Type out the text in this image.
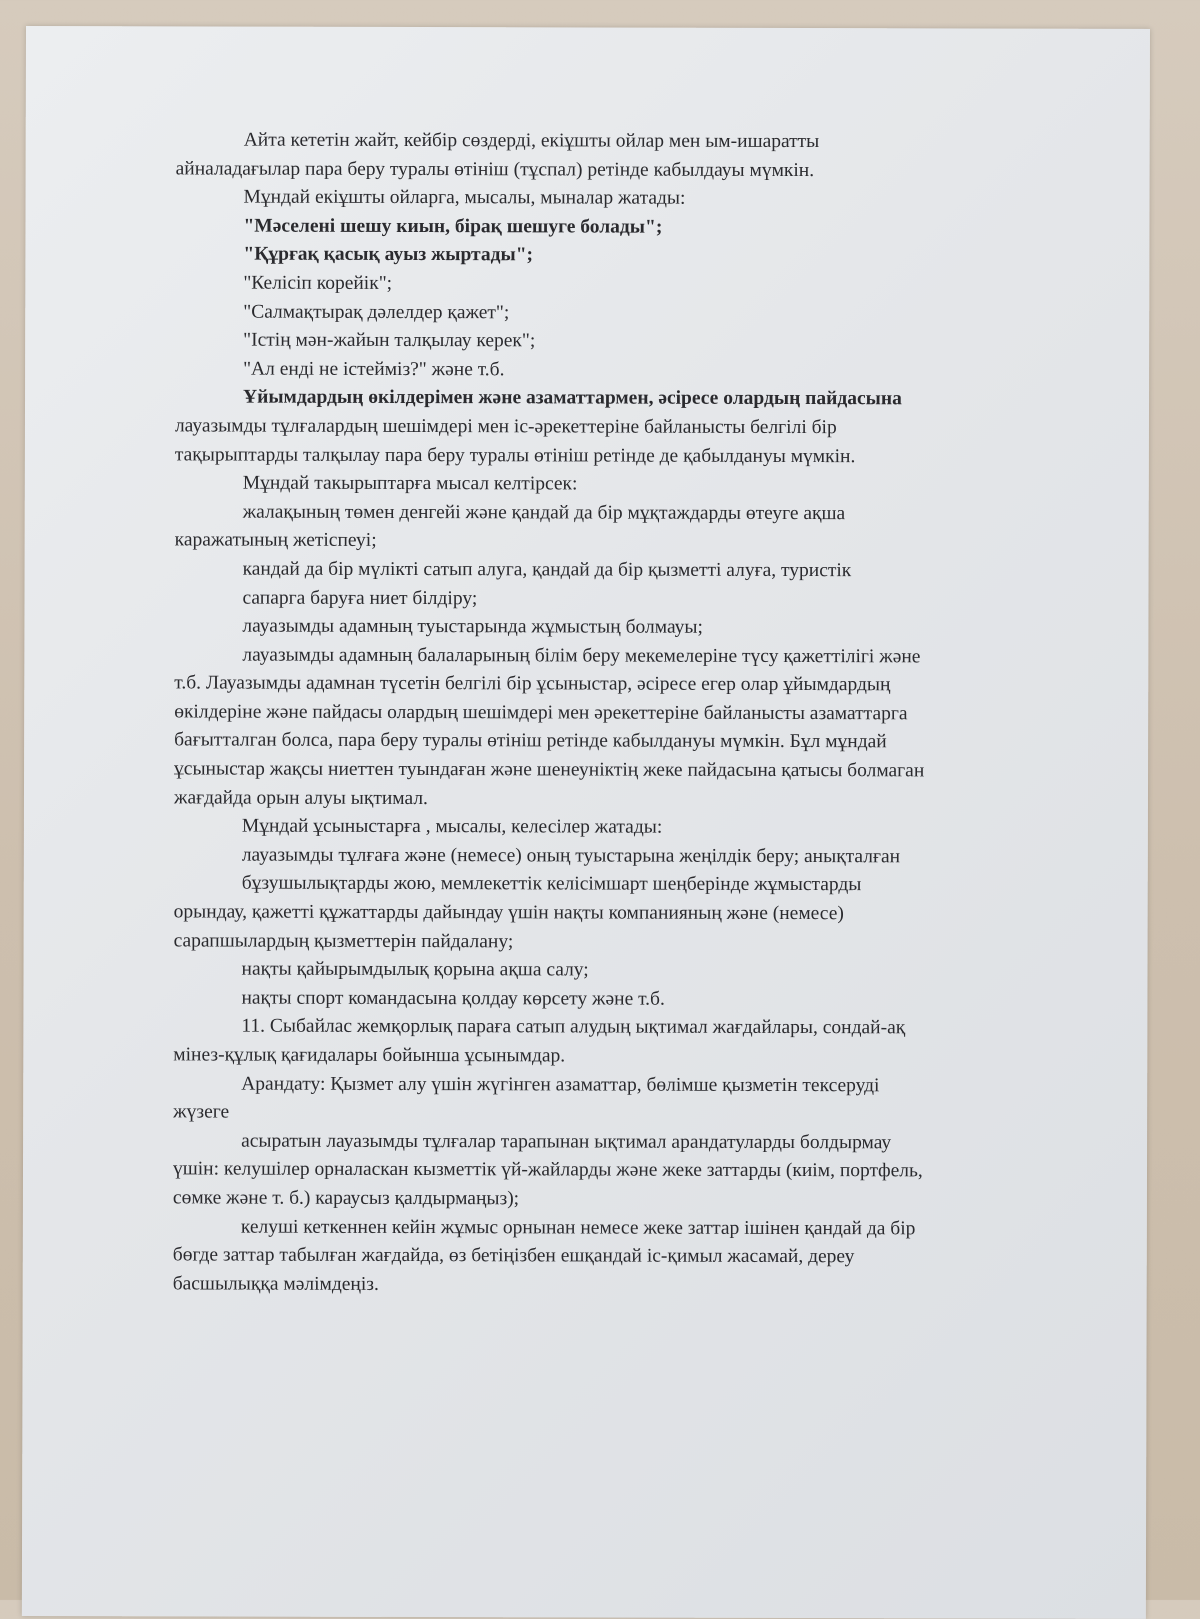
Айта кететін жайт, кейбір сөздерді, екіұшты ойлар мен ым-ишаратты
айналадағылар пара беру туралы өтініш (тұспал) ретінде кабылдауы мүмкін.
Мұндай екіұшты ойларга, мысалы, мыналар жатады:
"Мәселені шешу киын, бірақ шешуге болады";
"Құрғақ қасық ауыз жыртады";
"Келісіп корейік";
"Салмақтырақ дәлелдер қажет";
"Істің мән-жайын талқылау керек";
"Ал енді не істейміз?" және т.б.
Ұйымдардың өкілдерімен және азаматтармен, әсіресе олардың пайдасына
лауазымды тұлғалардың шешімдері мен іс-әрекеттеріне байланысты белгілі бір
тақырыптарды талқылау пара беру туралы өтініш ретінде де қабылдануы мүмкін.
Мұндай такырыптарға мысал келтірсек:
жалақының төмен денгейі және қандай да бір мұқтаждарды өтеуге ақша
каражатының жетіспеуі;
кандай да бір мүлікті сатып алуга, қандай да бір қызметті алуға, туристік
сапарга баруға ниет білдіру;
лауазымды адамның туыстарында жұмыстың болмауы;
лауазымды адамның балаларының білім беру мекемелеріне түсу қажеттілігі және
т.б. Лауазымды адамнан түсетін белгілі бір ұсыныстар, әсіресе егер олар ұйымдардың
өкілдеріне және пайдасы олардың шешімдері мен әрекеттеріне байланысты азаматтарга
бағытталган болса, пара беру туралы өтініш ретінде кабылдануы мүмкін. Бұл мұндай
ұсыныстар жақсы ниеттен туындаған және шенеуніктің жеке пайдасына қатысы болмаган
жағдайда орын алуы ықтимал.
Мұндай ұсыныстарға , мысалы, келесілер жатады:
лауазымды тұлғаға және (немесе) оның туыстарына жеңілдік беру; анықталған
бұзушылықтарды жою, мемлекеттік келісімшарт шеңберінде жұмыстарды
орындау, қажетті құжаттарды дайындау үшін нақты компанияның және (немесе)
сарапшылардың қызметтерін пайдалану;
нақты қайырымдылық қорына ақша салу;
нақты спорт командасына қолдау көрсету және т.б.
11. Сыбайлас жемқорлық параға сатып алудың ықтимал жағдайлары, сондай-ақ
мінез-құлық қағидалары бойынша ұсынымдар.
Арандату: Қызмет алу үшін жүгінген азаматтар, бөлімше қызметін тексеруді
жүзеге
асыратын лауазымды тұлғалар тарапынан ықтимал арандатуларды болдырмау
үшін: келушілер орналаскан кызметтік үй-жайларды және жеке заттарды (киім, портфель,
сөмке және т. б.) караусыз қалдырмаңыз);
келуші кеткеннен кейін жұмыс орнынан немесе жеке заттар ішінен қандай да бір
бөгде заттар табылған жағдайда, өз бетіңізбен ешқандай іс-қимыл жасамай, дереу
басшылыққа мәлімдеңіз.
